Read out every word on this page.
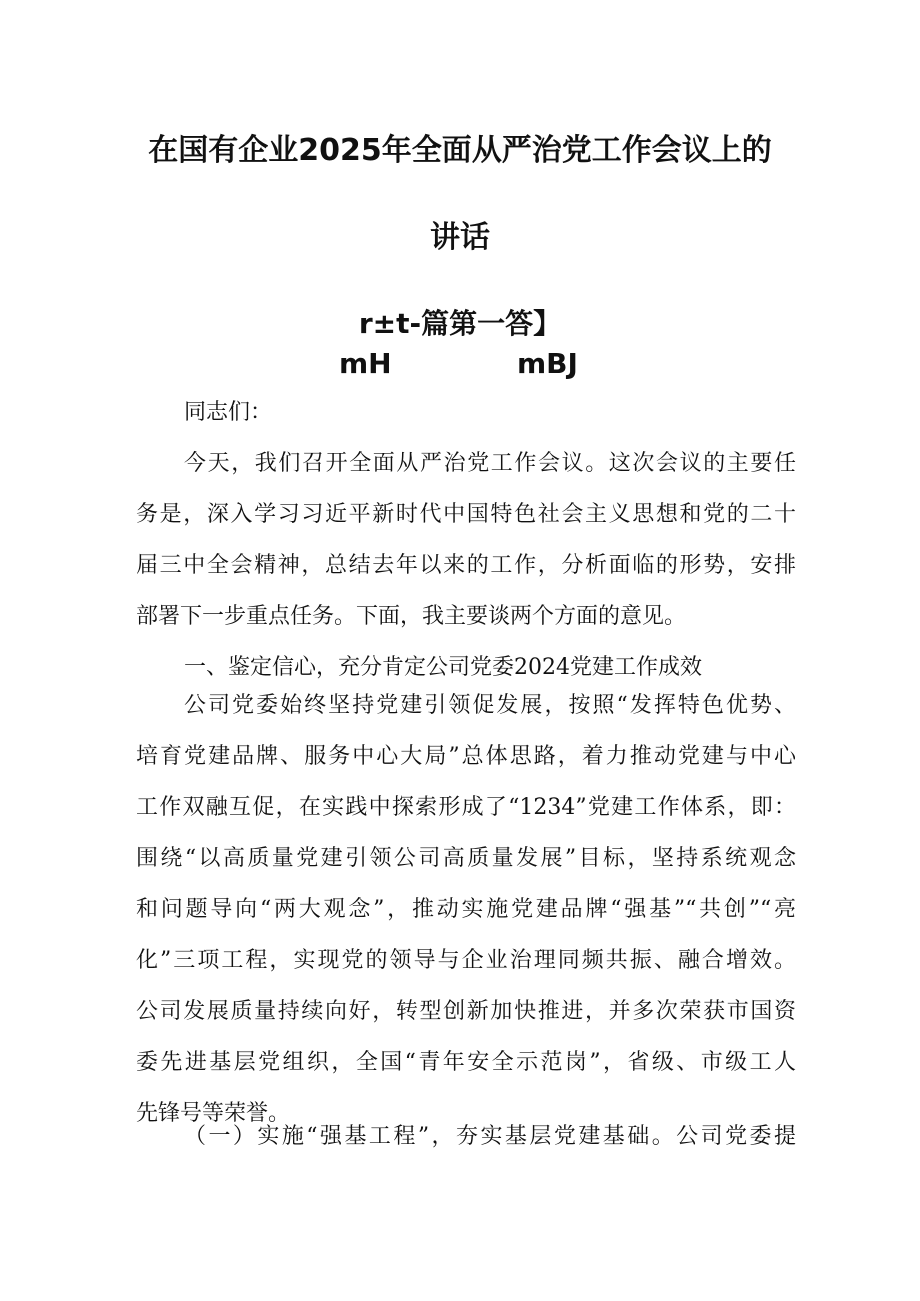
在国有企业2025年全面从严治党工作会议上的
讲话
r±t-篇第一答】
mH	mBJ
同志们：
今天，我们召开全面从严治党工作会议。这次会议的主要任
务是，深入学习习近平新时代中国特色社会主义思想和党的二十
届三中全会精神，总结去年以来的工作，分析面临的形势，安排
部署下一步重点任务。下面，我主要谈两个方面的意见。
一、鉴定信心，充分肯定公司党委2024党建工作成效
公司党委始终坚持党建引领促发展，按照“发挥特色优势、
培育党建品牌、服务中心大局”总体思路，着力推动党建与中心
工作双融互促，在实践中探索形成了“1234”党建工作体系，即：
围绕“以高质量党建引领公司高质量发展”目标，坚持系统观念
和问题导向“两大观念”，推动实施党建品牌“强基”“共创”“亮
化”三项工程，实现党的领导与企业治理同频共振、融合增效。
公司发展质量持续向好，转型创新加快推进，并多次荣获市国资
委先进基层党组织，全国“青年安全示范岗”，省级、市级工人
先锋号等荣誉。
（一）实施“强基工程”，夯实基层党建基础。公司党委提
